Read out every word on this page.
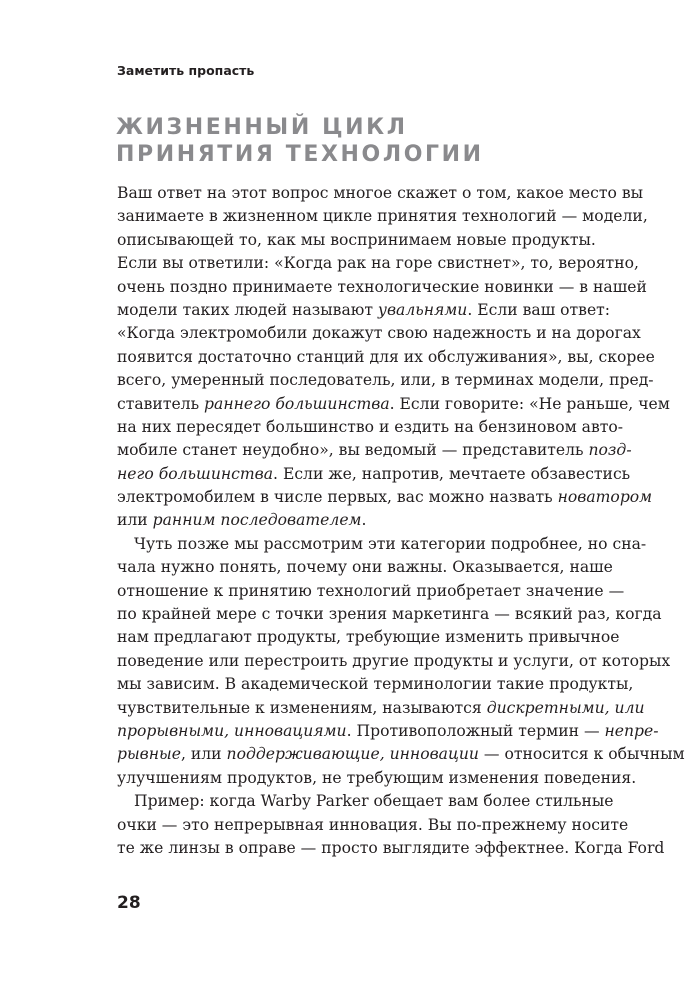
Заметить пропасть
ЖИЗНЕННЫЙ ЦИКЛ
ПРИНЯТИЯ ТЕХНОЛОГИИ
Ваш ответ на этот вопрос многое скажет о том, какое место вы
занимаете в жизненном цикле принятия технологий — модели,
описывающей то, как мы воспринимаем новые продукты.
Если вы ответили: «Когда рак на горе свистнет», то, вероятно,
очень поздно принимаете технологические новинки — в нашей
модели таких людей называют увальнями. Если ваш ответ:
«Когда электромобили докажут свою надежность и на дорогах
появится достаточно станций для их обслуживания», вы, скорее
всего, умеренный последователь, или, в терминах модели, пред-
ставитель раннего большинства. Если говорите: «Не раньше, чем
на них пересядет большинство и ездить на бензиновом авто-
мобиле станет неудобно», вы ведомый — представитель позд-
него большинства. Если же, напротив, мечтаете обзавестись
электромобилем в числе первых, вас можно назвать новатором
или ранним последователем.
Чуть позже мы рассмотрим эти категории подробнее, но сна-
чала нужно понять, почему они важны. Оказывается, наше
отношение к принятию технологий приобретает значение —
по крайней мере с точки зрения маркетинга — всякий раз, когда
нам предлагают продукты, требующие изменить привычное
поведение или перестроить другие продукты и услуги, от которых
мы зависим. В академической терминологии такие продукты,
чувствительные к изменениям, называются дискретными, или
прорывными, инновациями. Противоположный термин — непре-
рывные, или поддерживающие, инновации — относится к обычным
улучшениям продуктов, не требующим изменения поведения.
Пример: когда Warby Parker обещает вам более стильные
очки — это непрерывная инновация. Вы по-прежнему носите
те же линзы в оправе — просто выглядите эффектнее. Когда Ford
28
